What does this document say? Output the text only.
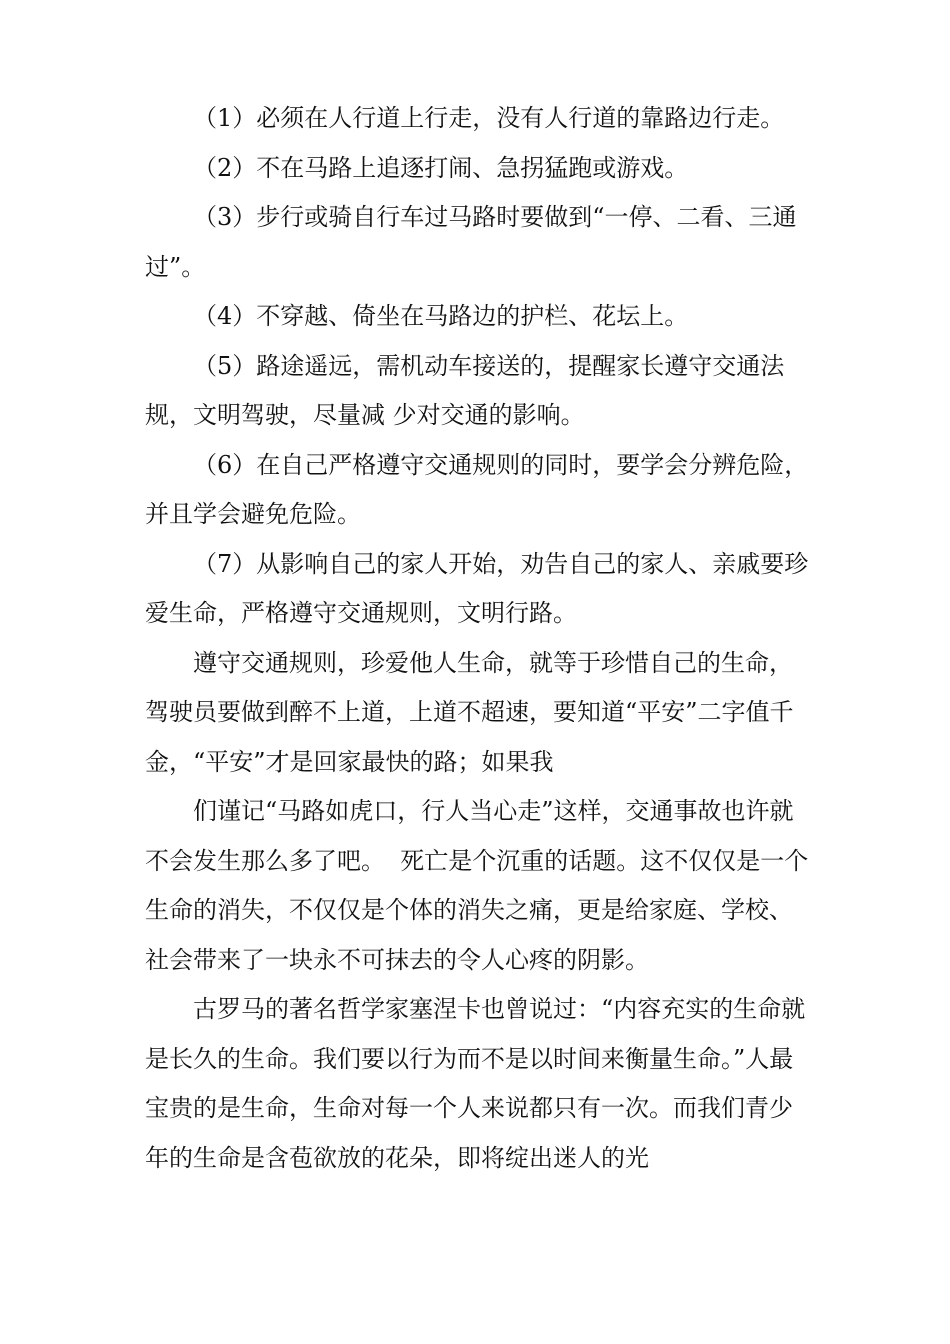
（1）必须在人行道上行走，没有人行道的靠路边行走。

（2）不在马路上追逐打闹、急拐猛跑或游戏。

（3）步行或骑自行车过马路时要做到“一停、二看、三通过”。

（4）不穿越、倚坐在马路边的护栏、花坛上。

（5）路途遥远，需机动车接送的，提醒家长遵守交通法规，文明驾驶，尽量减 少对交通的影响。

（6）在自己严格遵守交通规则的同时，要学会分辨危险，并且学会避免危险。

（7）从影响自己的家人开始，劝告自己的家人、亲戚要珍爱生命，严格遵守交通规则，文明行路。

遵守交通规则，珍爱他人生命，就等于珍惜自己的生命，驾驶员要做到醉不上道，上道不超速，要知道“平安”二字值千金，“平安”才是回家最快的路；如果我

们谨记“马路如虎口，行人当心走”这样，交通事故也许就不会发生那么多了吧。  死亡是个沉重的话题。这不仅仅是一个生命的消失，不仅仅是个体的消失之痛，更是给家庭、学校、社会带来了一块永不可抹去的令人心疼的阴影。

古罗马的著名哲学家塞涅卡也曾说过：“内容充实的生命就是长久的生命。我们要以行为而不是以时间来衡量生命。”人最宝贵的是生命，生命对每一个人来说都只有一次。而我们青少年的生命是含苞欲放的花朵，即将绽出迷人的光
